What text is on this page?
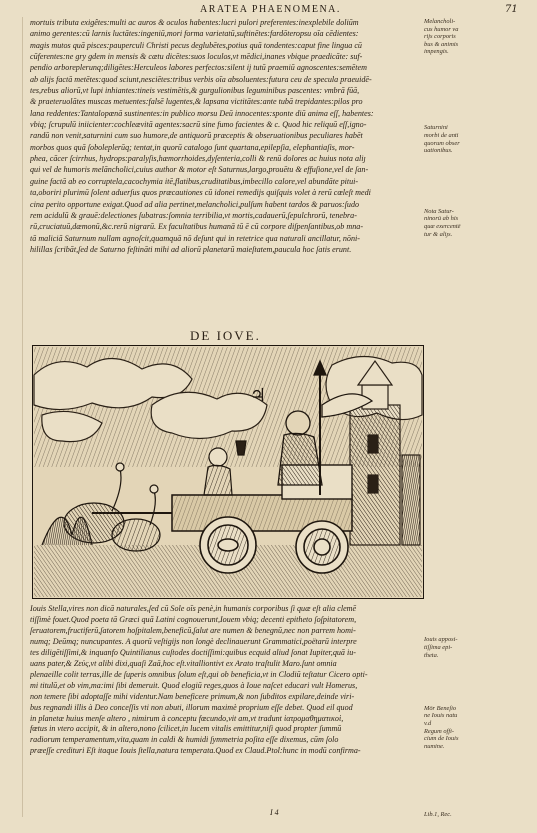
ARATEA PHAENOMENA.	71
mortuis tributa exigêtes:multi ac auros & oculos habentes:lucri pulori preferentes:inexplebile doliūm
animo gerentes:cū larnis luctātes:ingeniū,mori forma varietatū,suftinētes:fardōteropsu oīa cēdientes:
magis mutos quā pisces:pauperculi Christi pecus deglubētes,potius quā tondentes:caput fine lingua cū
cūferentes:ne gry gdem in mensis & cætu dicētes:suos loculos,vt mēdici,inanes vbique praedicāte: suf-
pendio arboreplerunq;diligētes:Herculeos labores perfectos:silent ij tutū praemiū agnoscentes:semētem
ab alijs factā metētes:quod sciunt,nesciētes:tribus verbis oīa absoluentes:futura ceu de specula praeuidē-
tes,rebus aliorū,vt lupi inhiantes:tineis vestimētis,& gurgulionibus leguminibus pascentes: vmbrā fūā,
& praeteruolātes muscas metuentes:falsē lugentes,& lapsana victitātes:ante tubā trepidantes:pilos pro
lana reddentes:Tantalopœnā sustinentes:in publico morsu Deū innocentes:sponte diū anima eſſ, habentes:
vbiq; ſcrupulū iniicienter:cochleævitā agentes:sacrū sine fumo facientes & c. Quod hic reliquū eſſ,igno-
randū non venit,saturnini cum suo humore,de antiquorū præceptis & obseruationibus peculiares habēt
morbos quos quā ſoboleplerūq; tentat,in quorū catalogo ſunt quartana,epilepſia, elephantiaſis, mor-
phea, cācer ſcirrhus, hydrops:paralyſis,hæmorrhoides,dyſenteria,colli & renū dolores ac huius nota aliȷ
qui vel de humoris melāncholici,cuius author & motor eſt Saturnus,largo,prouētu & effuſione,vel de ſan-
guine factā ab eo corruptela,cacochymia itē,flatibus,cruditatibus,imbecillo calore,vel abundāte pitui-
ta,oboriri plurimū ſolent aduerſus quos præcautiones cū idonei remedijs quiſquis volet à rerū cœleſt medi
cina perito opportune exigat.Quod ad alia pertinet,melancholici,pulſum habent tardos & paruos:ſudo
rem acidulū & grauē:delectiones ſubatras:ſomnia terribilia,vt mortis,cadauerū,ſepulchrorū, tenebra-
rū,cruciatuū,dæmonū,&c.rerū nigrarū. Ex facultatibus humanā tū ē cū corpore diſpenſantibus,ob mna-
tā maliciā Saturnum nullam agnoſcit,quamquā nō deſunt qui in retetrice qua naturali ancillatur, nōni-
hilillas ſcribāt,ſed de Saturno feſtināti mihi ad aliorū planetarū maieſtatem,paucula hoc ſatis erunt.
Melancholi-
cus humor va
rijs corporis
bus & animis
impengis.

Saturnini
morbi de anti
quorum obser
uationibus.

Nota Satur-
ninorū ab his
quæ exercentē
tur & aliȷs.
DE IOVE.
♃
Iouis Stella,vires non dicā naturales,ſed cū Sole oīs penè,in humanis corporibus ſi quæ eſt alia clemē
tiſſimè fouet.Quod poeta tā Græci quā Latini cognouerunt,Iouem vbiq; decenti epitheto ſoſpitatorem,
ſeruatorem,fructiferū,ſatorem hoſpitalem,beneficū,ſalut are numen & benegnū,nec non parrem homi-
numq; Deūmq; nuncupantes. A quorū veſtigijs non longè declinauerunt Grammatici,poëtarū interpre
tes diligētiſſimi,& inquanfo Quintilianus cuſtodes doctiſſimi:quibus ecquid aliud ſonat Iupiter,quā iu-
uans pater,& Zεύς,vt alibi dixi,quaſi Zaā,hoc eſt.vitalliontivt ex Arato traſtulit Maro.ſunt omnia
plenaeille colit terras,ille de ſuperis omnibus ſolum eſt,qui ob beneficia,vt in Clodiū teſtatur Cicero opti-
mi titulū,et ob vim,ma:imi ſibi demeruit. Quod elogiū reges,quos à Ioue naſcet educari vult Homerus,
non temere ſibi adoptaſſe mihi videntur.Nam beneficere primum,& non ſubditos expilare,deinde viri-
bus regnandi illis à Deo conceſſis vti non abuti, illorum maximè proprium eſſe debet. Quod eil quod
in planetæ huius menſe altero , nimirum à conceptu fœcundo,vit am,vt tradunt ἱατρομαθηματικοὶ,
fœtus in vtero accipit, & in altero,nono ſcilicet,in lucem vitalis emittitur,niſi quod propter ſummū
radiorum temperamentum,vita,quam in caldi & humidi ſymmetria poſita eſſe dixemus, cūm ſolo
præeſſe credituri Eſt itaque Iouis ſtella,natura temperata.Quod ex Claud.Ptol:hunc in modū confirma-

Iouis apposi-
tiſſima epi-
theta.

Mōr Beneſio
ne Iouis natu
v.d
Regum offi-
cium de Iouis
numine.

Lib.1, Rec.
I 4
